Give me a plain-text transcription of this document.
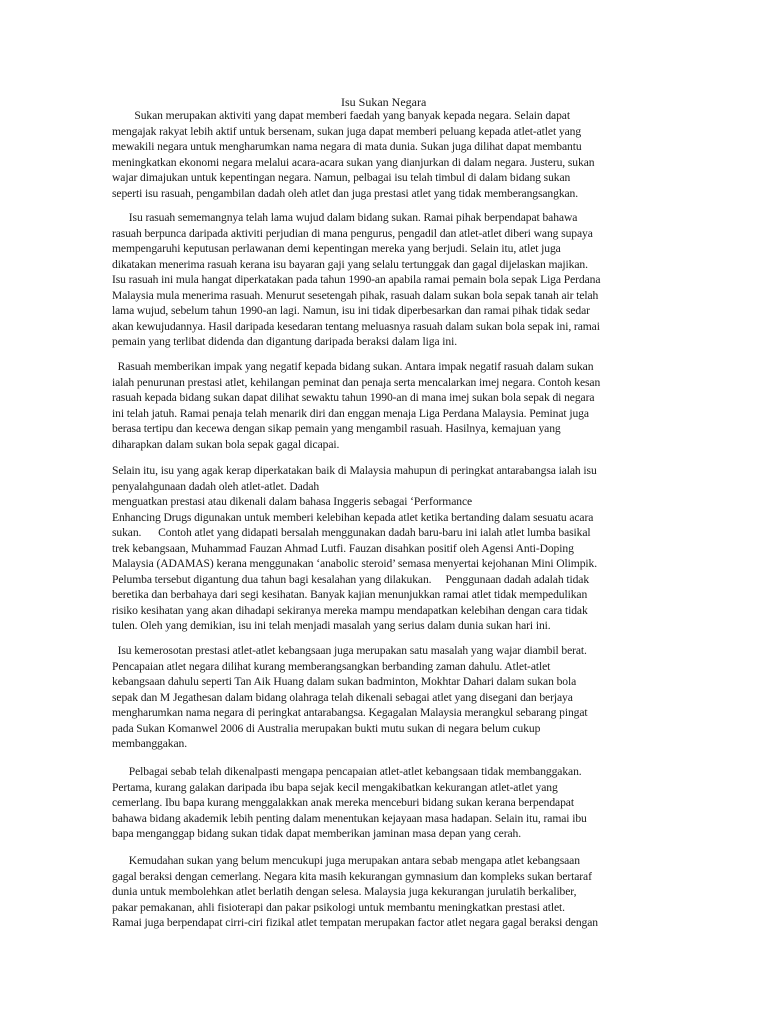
Isu Sukan Negara
Sukan merupakan aktiviti yang dapat memberi faedah yang banyak kepada negara. Selain dapat
mengajak rakyat lebih aktif untuk bersenam, sukan juga dapat memberi peluang kepada atlet-atlet yang
mewakili negara untuk mengharumkan nama negara di mata dunia. Sukan juga dilihat dapat membantu
meningkatkan ekonomi negara melalui acara-acara sukan yang dianjurkan di dalam negara. Justeru, sukan
wajar dimajukan untuk kepentingan negara. Namun, pelbagai isu telah timbul di dalam bidang sukan
seperti isu rasuah, pengambilan dadah oleh atlet dan juga prestasi atlet yang tidak memberangsangkan.
Isu rasuah sememangnya telah lama wujud dalam bidang sukan. Ramai pihak berpendapat bahawa
rasuah berpunca daripada aktiviti perjudian di mana pengurus, pengadil dan atlet-atlet diberi wang supaya
mempengaruhi keputusan perlawanan demi kepentingan mereka yang berjudi. Selain itu, atlet juga
dikatakan menerima rasuah kerana isu bayaran gaji yang selalu tertunggak dan gagal dijelaskan majikan.
Isu rasuah ini mula hangat diperkatakan pada tahun 1990-an apabila ramai pemain bola sepak Liga Perdana
Malaysia mula menerima rasuah. Menurut sesetengah pihak, rasuah dalam sukan bola sepak tanah air telah
lama wujud, sebelum tahun 1990-an lagi. Namun, isu ini tidak diperbesarkan dan ramai pihak tidak sedar
akan kewujudannya. Hasil daripada kesedaran tentang meluasnya rasuah dalam sukan bola sepak ini, ramai
pemain yang terlibat didenda dan digantung daripada beraksi dalam liga ini.
Rasuah memberikan impak yang negatif kepada bidang sukan. Antara impak negatif rasuah dalam sukan
ialah penurunan prestasi atlet, kehilangan peminat dan penaja serta mencalarkan imej negara. Contoh kesan
rasuah kepada bidang sukan dapat dilihat sewaktu tahun 1990-an di mana imej sukan bola sepak di negara
ini telah jatuh. Ramai penaja telah menarik diri dan enggan menaja Liga Perdana Malaysia. Peminat juga
berasa tertipu dan kecewa dengan sikap pemain yang mengambil rasuah. Hasilnya, kemajuan yang
diharapkan dalam sukan bola sepak gagal dicapai.
Selain itu, isu yang agak kerap diperkatakan baik di Malaysia mahupun di peringkat antarabangsa ialah isu
penyalahgunaan dadah oleh atlet-atlet. Dadah
menguatkan prestasi atau dikenali dalam bahasa Inggeris sebagai ‘Performance
Enhancing Drugs digunakan untuk memberi kelebihan kepada atlet ketika bertanding dalam sesuatu acara
sukan.      Contoh atlet yang didapati bersalah menggunakan dadah baru-baru ini ialah atlet lumba basikal
trek kebangsaan, Muhammad Fauzan Ahmad Lutfi. Fauzan disahkan positif oleh Agensi Anti-Doping
Malaysia (ADAMAS) kerana menggunakan ‘anabolic steroid’ semasa menyertai kejohanan Mini Olimpik.
Pelumba tersebut digantung dua tahun bagi kesalahan yang dilakukan.     Penggunaan dadah adalah tidak
beretika dan berbahaya dari segi kesihatan. Banyak kajian menunjukkan ramai atlet tidak mempedulikan
risiko kesihatan yang akan dihadapi sekiranya mereka mampu mendapatkan kelebihan dengan cara tidak
tulen. Oleh yang demikian, isu ini telah menjadi masalah yang serius dalam dunia sukan hari ini.
Isu kemerosotan prestasi atlet-atlet kebangsaan juga merupakan satu masalah yang wajar diambil berat.
Pencapaian atlet negara dilihat kurang memberangsangkan berbanding zaman dahulu. Atlet-atlet
kebangsaan dahulu seperti Tan Aik Huang dalam sukan badminton, Mokhtar Dahari dalam sukan bola
sepak dan M Jegathesan dalam bidang olahraga telah dikenali sebagai atlet yang disegani dan berjaya
mengharumkan nama negara di peringkat antarabangsa. Kegagalan Malaysia merangkul sebarang pingat
pada Sukan Komanwel 2006 di Australia merupakan bukti mutu sukan di negara belum cukup
membanggakan.
Pelbagai sebab telah dikenalpasti mengapa pencapaian atlet-atlet kebangsaan tidak membanggakan.
Pertama, kurang galakan daripada ibu bapa sejak kecil mengakibatkan kekurangan atlet-atlet yang
cemerlang. Ibu bapa kurang menggalakkan anak mereka menceburi bidang sukan kerana berpendapat
bahawa bidang akademik lebih penting dalam menentukan kejayaan masa hadapan. Selain itu, ramai ibu
bapa menganggap bidang sukan tidak dapat memberikan jaminan masa depan yang cerah.
Kemudahan sukan yang belum mencukupi juga merupakan antara sebab mengapa atlet kebangsaan
gagal beraksi dengan cemerlang. Negara kita masih kekurangan gymnasium dan kompleks sukan bertaraf
dunia untuk membolehkan atlet berlatih dengan selesa. Malaysia juga kekurangan jurulatih berkaliber,
pakar pemakanan, ahli fisioterapi dan pakar psikologi untuk membantu meningkatkan prestasi atlet.
Ramai juga berpendapat cirri-ciri fizikal atlet tempatan merupakan factor atlet negara gagal beraksi dengan
